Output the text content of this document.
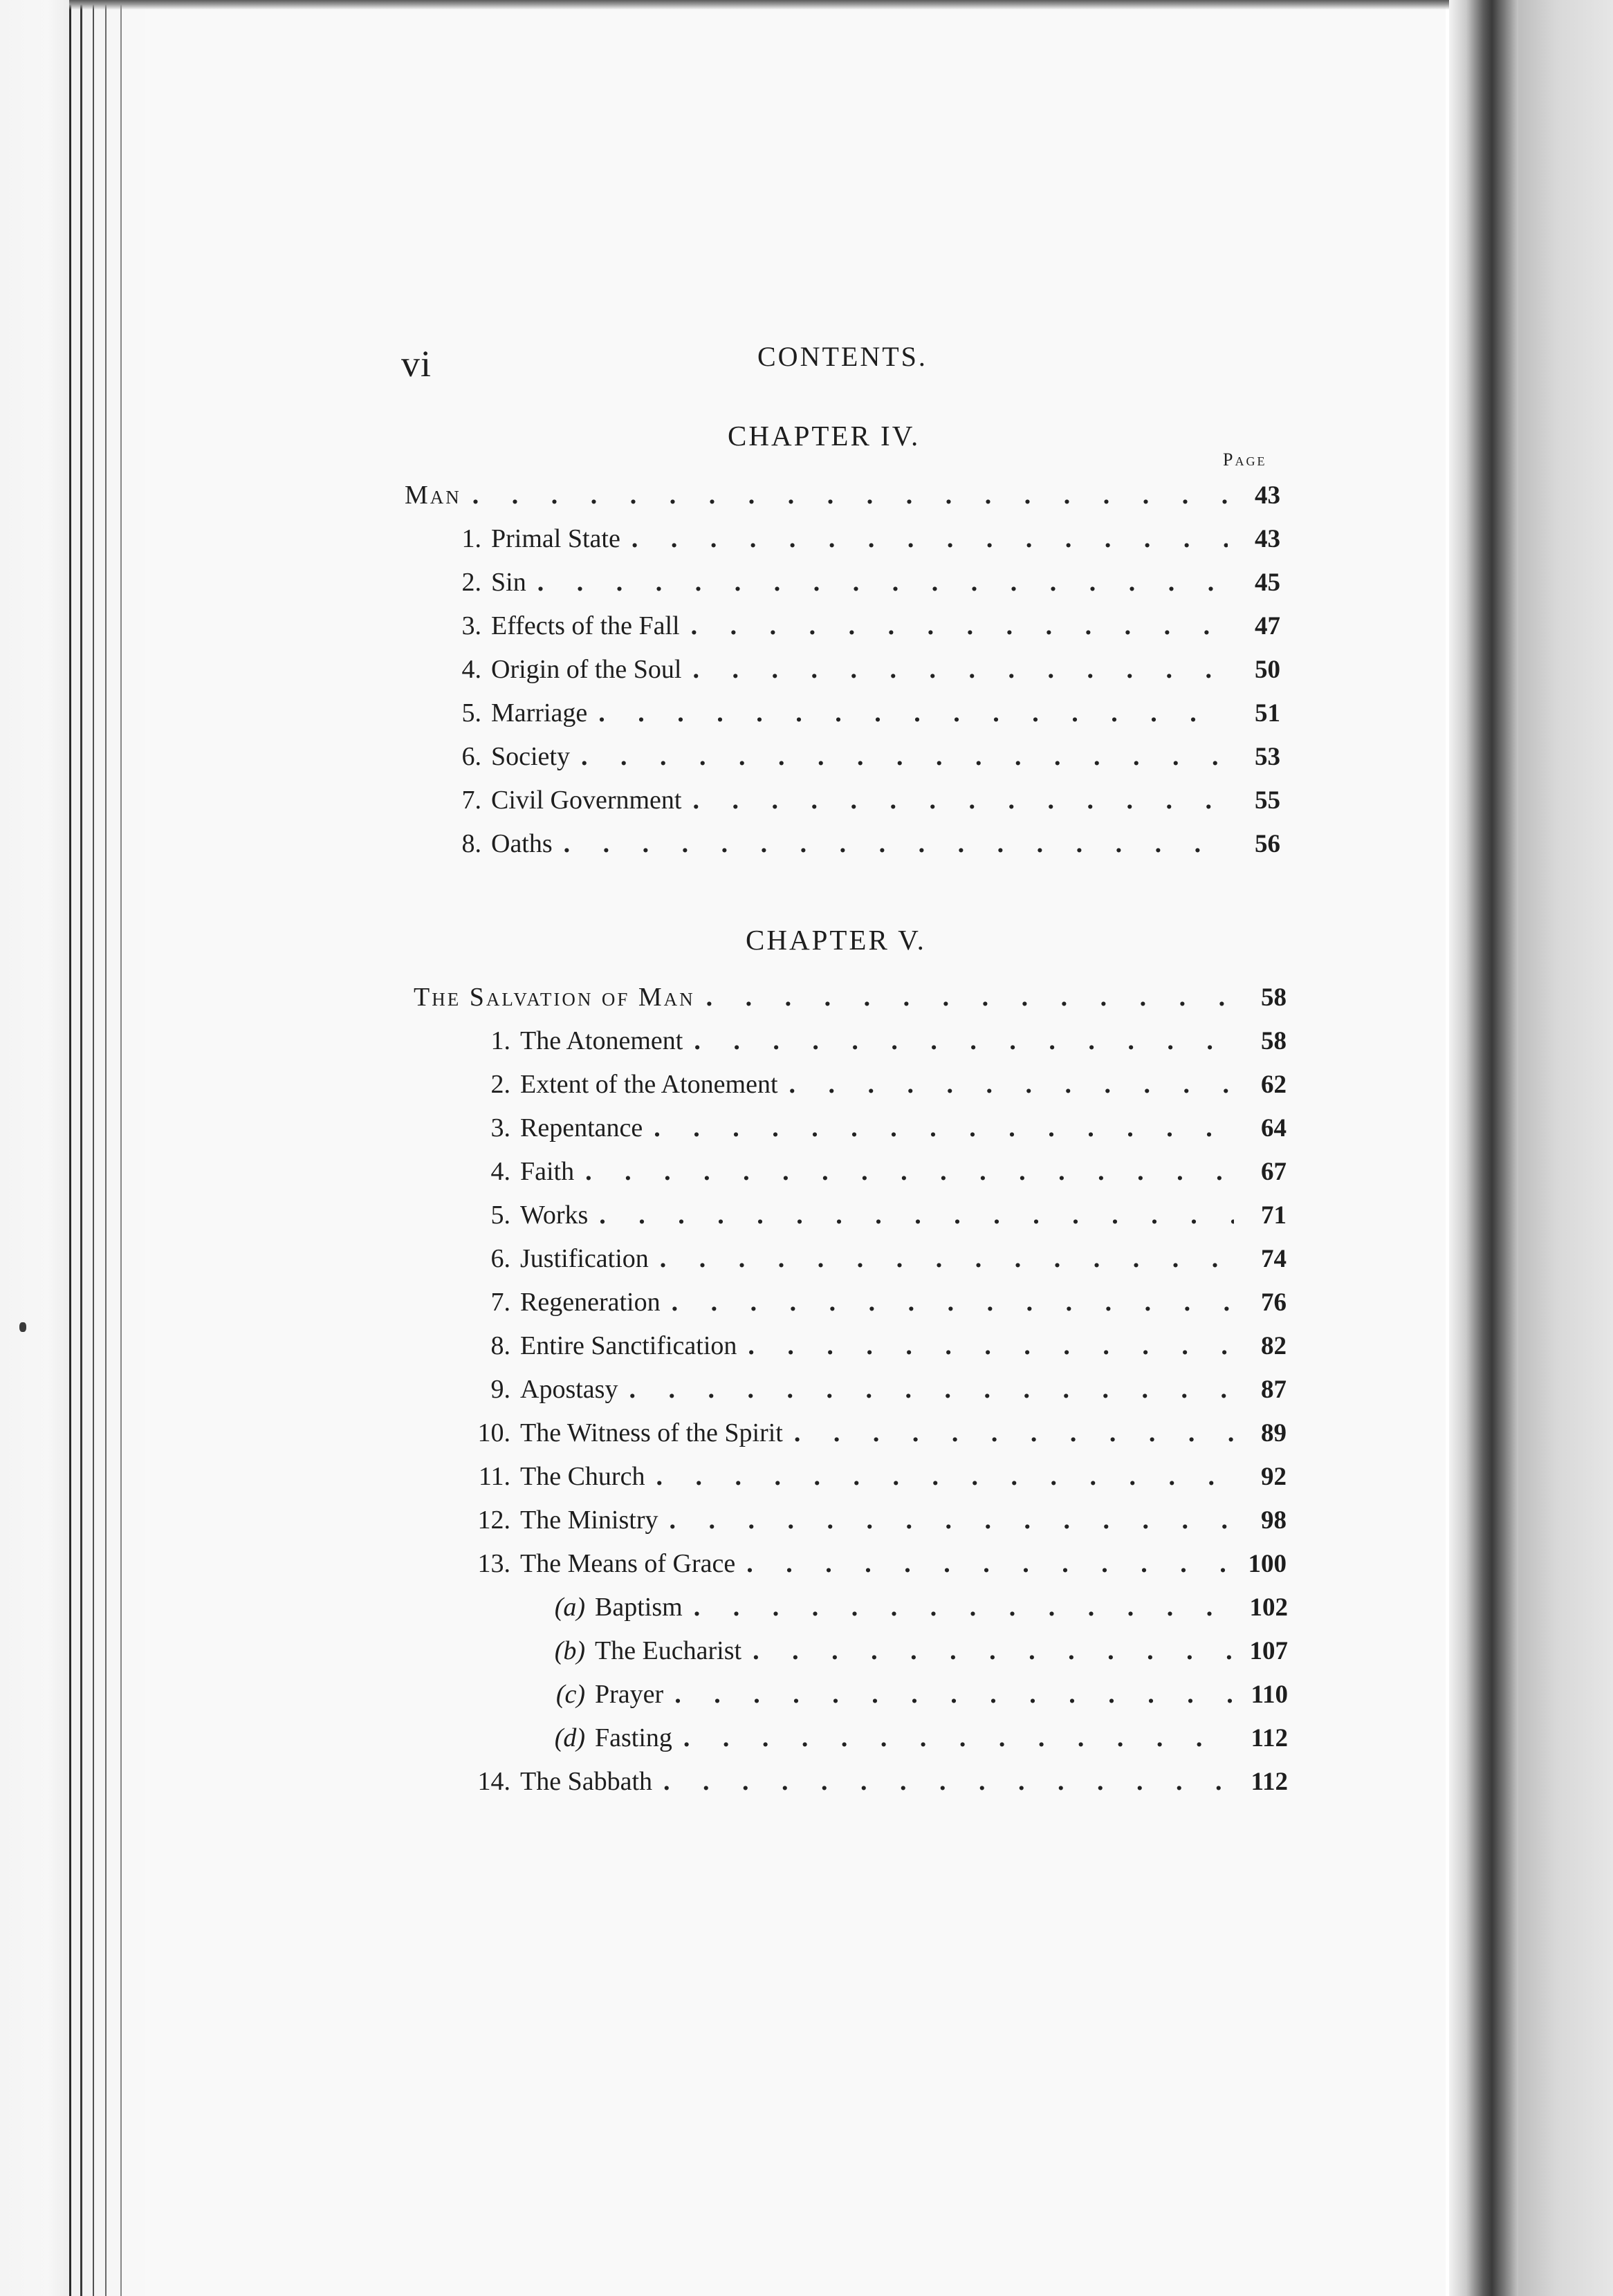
vi	CONTENTS.
CHAPTER IV.
Page
Man .	43
1. Primal State .	43
2. Sin .	45
3. Effects of the Fall .	47
4. Origin of the Soul .	50
5. Marriage .	51
6. Society .	53
7. Civil Government .	55
8. Oaths .	56
CHAPTER V.
The Salvation of Man .	58
1. The Atonement .	58
2. Extent of the Atonement .	62
3. Repentance .	64
4. Faith .	67
5. Works .	71
6. Justification .	74
7. Regeneration .	76
8. Entire Sanctification .	82
9. Apostasy .	87
10. The Witness of the Spirit .	89
11. The Church .	92
12. The Ministry .	98
13. The Means of Grace .	100
(a) Baptism .	102
(b) The Eucharist .	107
(c) Prayer .	110
(d) Fasting .	112
14. The Sabbath .	112
